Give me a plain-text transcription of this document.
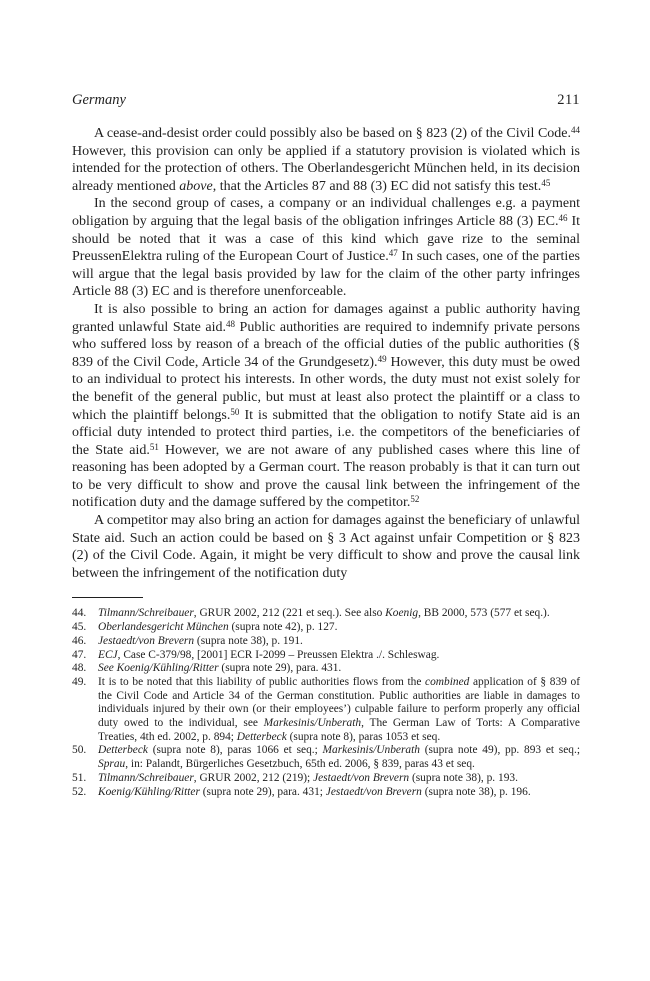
Germany	211

A cease-and-desist order could possibly also be based on § 823 (2) of the Civil Code.$^{44}$ However, this provision can only be applied if a statutory provision is violated which is intended for the protection of others. The Oberlandesgericht München held, in its decision already mentioned above, that the Articles 87 and 88 (3) EC did not satisfy this test.$^{45}$

In the second group of cases, a company or an individual challenges e.g. a payment obligation by arguing that the legal basis of the obligation infringes Article 88 (3) EC.$^{46}$ It should be noted that it was a case of this kind which gave rize to the seminal PreussenElektra ruling of the European Court of Justice.$^{47}$ In such cases, one of the parties will argue that the legal basis provided by law for the claim of the other party infringes Article 88 (3) EC and is therefore unenforceable.

It is also possible to bring an action for damages against a public authority having granted unlawful State aid.$^{48}$ Public authorities are required to indemnify private persons who suffered loss by reason of a breach of the official duties of the public authorities (§ 839 of the Civil Code, Article 34 of the Grundgesetz).$^{49}$ However, this duty must be owed to an individual to protect his interests. In other words, the duty must not exist solely for the benefit of the general public, but must at least also protect the plaintiff or a class to which the plaintiff belongs.$^{50}$ It is submitted that the obligation to notify State aid is an official duty intended to protect third parties, i.e. the competitors of the beneficiaries of the State aid.$^{51}$ However, we are not aware of any published cases where this line of reasoning has been adopted by a German court. The reason probably is that it can turn out to be very difficult to show and prove the causal link between the infringement of the notification duty and the damage suffered by the competitor.$^{52}$

A competitor may also bring an action for damages against the beneficiary of unlawful State aid. Such an action could be based on § 3 Act against unfair Competition or § 823 (2) of the Civil Code. Again, it might be very difficult to show and prove the causal link between the infringement of the notification duty

44. Tilmann/Schreibauer, GRUR 2002, 212 (221 et seq.). See also Koenig, BB 2000, 573 (577 et seq.).
45. Oberlandesgericht München (supra note 42), p. 127.
46. Jestaedt/von Brevern (supra note 38), p. 191.
47. ECJ, Case C-379/98, [2001] ECR I-2099 – Preussen Elektra ./. Schleswag.
48. See Koenig/Kühling/Ritter (supra note 29), para. 431.
49. It is to be noted that this liability of public authorities flows from the combined application of § 839 of the Civil Code and Article 34 of the German constitution. Public authorities are liable in damages to individuals injured by their own (or their employees’) culpable failure to perform properly any official duty owed to the individual, see Markesinis/Unberath, The German Law of Torts: A Comparative Treaties, 4th ed. 2002, p. 894; Detterbeck (supra note 8), paras 1053 et seq.
50. Detterbeck (supra note 8), paras 1066 et seq.; Markesinis/Unberath (supra note 49), pp. 893 et seq.; Sprau, in: Palandt, Bürgerliches Gesetzbuch, 65th ed. 2006, § 839, paras 43 et seq.
51. Tilmann/Schreibauer, GRUR 2002, 212 (219); Jestaedt/von Brevern (supra note 38), p. 193.
52. Koenig/Kühling/Ritter (supra note 29), para. 431; Jestaedt/von Brevern (supra note 38), p. 196.
